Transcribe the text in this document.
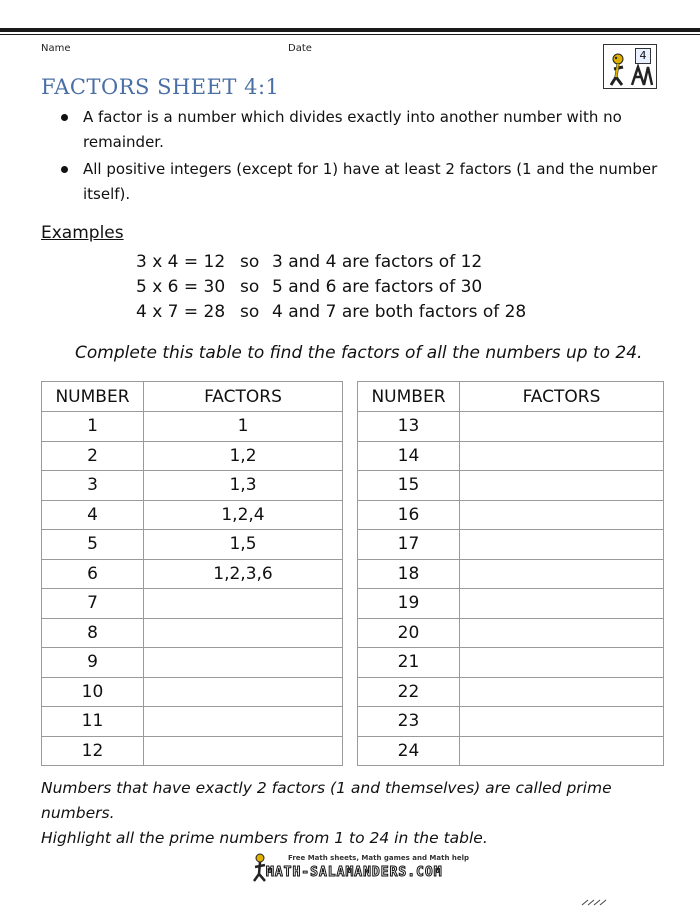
Name	Date
4
FACTORS SHEET 4:1
A factor is a number which divides exactly into another number with no remainder.
All positive integers (except for 1) have at least 2 factors (1 and the number itself).
Examples
3 x 4 = 12 so 3 and 4 are factors of 12
5 x 6 = 30 so 5 and 6 are factors of 30
4 x 7 = 28 so 4 and 7 are both factors of 28
Complete this table to find the factors of all the numbers up to 24.
NUMBER	FACTORS
1	1
2	1,2
3	1,3
4	1,2,4
5	1,5
6	1,2,3,6
7	
8	
9	
10	
11	
12	
NUMBER	FACTORS
13	
14	
15	
16	
17	
18	
19	
20	
21	
22	
23	
24	
Numbers that have exactly 2 factors (1 and themselves) are called prime numbers.
Highlight all the prime numbers from 1 to 24 in the table.
Free Math sheets, Math games and Math help
MATH-SALAMANDERS.COM
